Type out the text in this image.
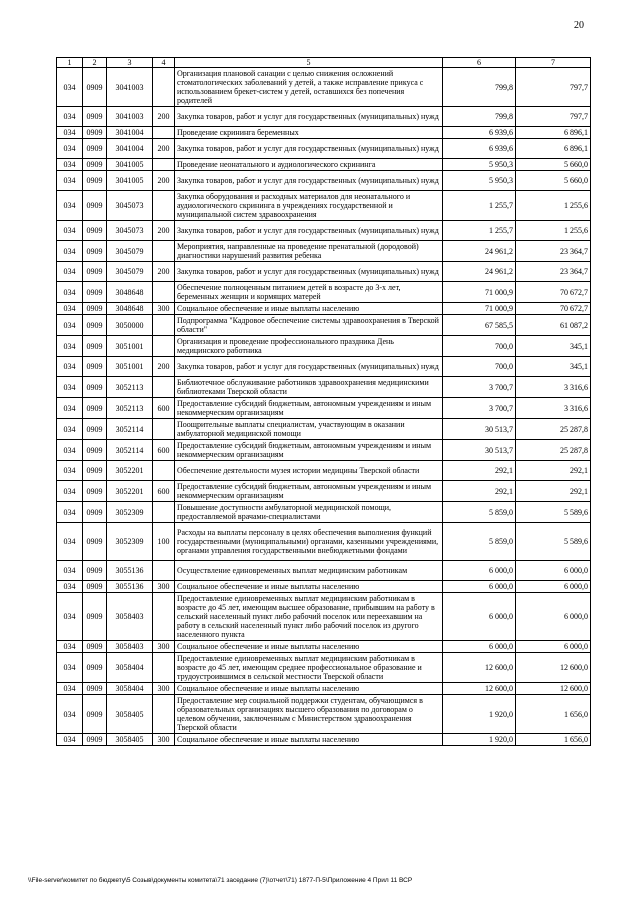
20
1	2	3	4	5	6	7
034	0909	3041003		Организация плановой санации с целью снижения осложнений стоматологических заболеваний у детей, а также исправление прикуса с использованием брекет-систем у детей, оставшихся без попечения родителей	799,8	797,7
034	0909	3041003	200	Закупка товаров, работ и услуг для государственных (муниципальных) нужд	799,8	797,7
034	0909	3041004		Проведение скрининга беременных	6 939,6	6 896,1
034	0909	3041004	200	Закупка товаров, работ и услуг для государственных (муниципальных) нужд	6 939,6	6 896,1
034	0909	3041005		Проведение неонатального и аудиологического скрининга	5 950,3	5 660,0
034	0909	3041005	200	Закупка товаров, работ и услуг для государственных (муниципальных) нужд	5 950,3	5 660,0
034	0909	3045073		Закупка оборудования и расходных материалов для неонатального и аудиологического скрининга в учреждениях государственной и муниципальной систем здравоохранения	1 255,7	1 255,6
034	0909	3045073	200	Закупка товаров, работ и услуг для государственных (муниципальных) нужд	1 255,7	1 255,6
034	0909	3045079		Мероприятия, направленные на проведение пренатальной (дородовой) диагностики нарушений развития ребенка	24 961,2	23 364,7
034	0909	3045079	200	Закупка товаров, работ и услуг для государственных (муниципальных) нужд	24 961,2	23 364,7
034	0909	3048648		Обеспечение полноценным питанием детей в возрасте до 3-х лет, беременных женщин и кормящих матерей	71 000,9	70 672,7
034	0909	3048648	300	Социальное обеспечение и иные выплаты населению	71 000,9	70 672,7
034	0909	3050000		Подпрограмма "Кадровое обеспечение системы здравоохранения в Тверской области"	67 585,5	61 087,2
034	0909	3051001		Организация и проведение профессионального праздника День медицинского работника	700,0	345,1
034	0909	3051001	200	Закупка товаров, работ и услуг для государственных (муниципальных) нужд	700,0	345,1
034	0909	3052113		Библиотечное обслуживание работников здравоохранения медицинскими библиотеками Тверской области	3 700,7	3 316,6
034	0909	3052113	600	Предоставление субсидий бюджетным, автономным учреждениям и иным некоммерческим организациям	3 700,7	3 316,6
034	0909	3052114		Поощрительные выплаты специалистам, участвующим в оказании амбулаторной медицинской помощи	30 513,7	25 287,8
034	0909	3052114	600	Предоставление субсидий бюджетным, автономным учреждениям и иным некоммерческим организациям	30 513,7	25 287,8
034	0909	3052201		Обеспечение деятельности музея истории медицины Тверской области	292,1	292,1
034	0909	3052201	600	Предоставление субсидий бюджетным, автономным учреждениям и иным некоммерческим организациям	292,1	292,1
034	0909	3052309		Повышение доступности амбулаторной медицинской помощи, предоставляемой врачами-специалистами	5 859,0	5 589,6
034	0909	3052309	100	Расходы на выплаты персоналу в целях обеспечения выполнения функций государственными (муниципальными) органами, казенными учреждениями, органами управления государственными внебюджетными фондами	5 859,0	5 589,6
034	0909	3055136		Осуществление единовременных выплат медицинским работникам	6 000,0	6 000,0
034	0909	3055136	300	Социальное обеспечение и иные выплаты населению	6 000,0	6 000,0
034	0909	3058403		Предоставление единовременных выплат медицинским работникам в возрасте до 45 лет, имеющим высшее образование, прибывшим на работу в сельский населенный пункт либо рабочий поселок или переехавшим на работу в сельский населенный пункт либо рабочий поселок из другого населенного пункта	6 000,0	6 000,0
034	0909	3058403	300	Социальное обеспечение и иные выплаты населению	6 000,0	6 000,0
034	0909	3058404		Предоставление единовременных выплат медицинским работникам в возрасте до 45 лет, имеющим среднее профессиональное образование и трудоустроившимся в сельской местности Тверской области	12 600,0	12 600,0
034	0909	3058404	300	Социальное обеспечение и иные выплаты населению	12 600,0	12 600,0
034	0909	3058405		Предоставление мер социальной поддержки студентам, обучающимся в образовательных организациях высшего образования по договорам о целевом обучении, заключенным с Министерством здравоохранения Тверской области	1 920,0	1 656,0
034	0909	3058405	300	Социальное обеспечение и иные выплаты населению	1 920,0	1 656,0
\\File-server\комитет по бюджету\5 Созыв\документы комитета\71 заседание (7)\отчет\71) 1877-П-5\Приложение 4 Прил 11 ВСР
